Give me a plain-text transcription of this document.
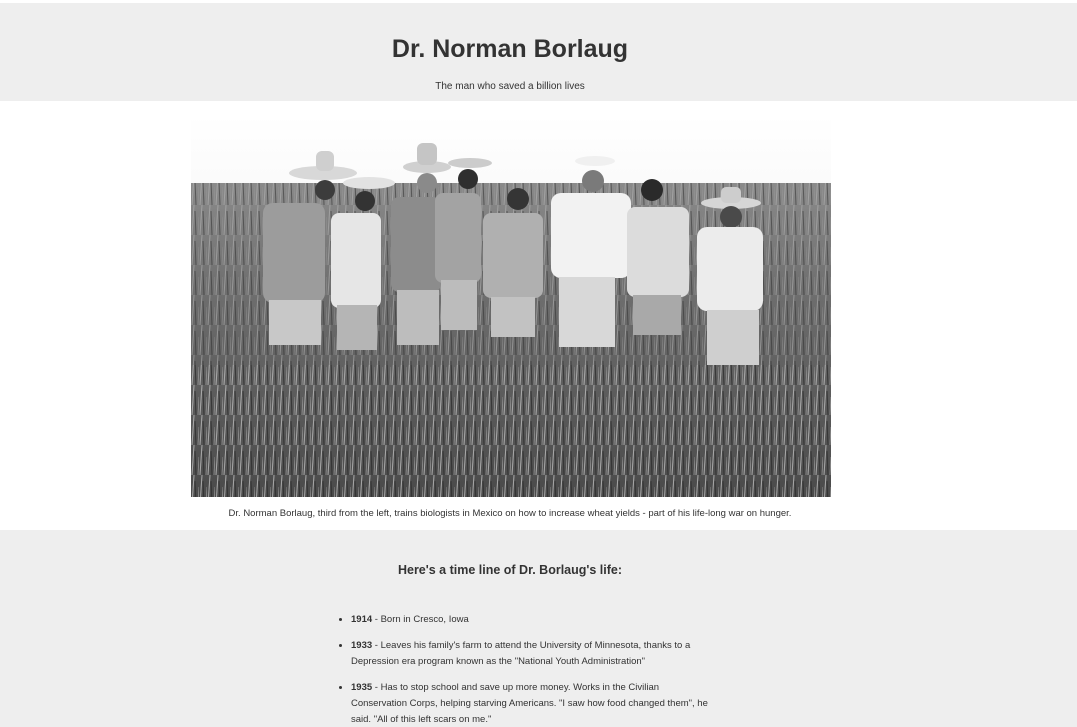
Dr. Norman Borlaug

The man who saved a billion lives

Dr. Norman Borlaug, third from the left, trains biologists in Mexico on how to increase wheat yields - part of his life-long war on hunger.

Here's a time line of Dr. Borlaug's life:
• 1914 - Born in Cresco, Iowa
• 1933 - Leaves his family's farm to attend the University of Minnesota, thanks to a Depression era program known as the "National Youth Administration"
• 1935 - Has to stop school and save up more money. Works in the Civilian Conservation Corps, helping starving Americans. "I saw how food changed them", he said. "All of this left scars on me."
